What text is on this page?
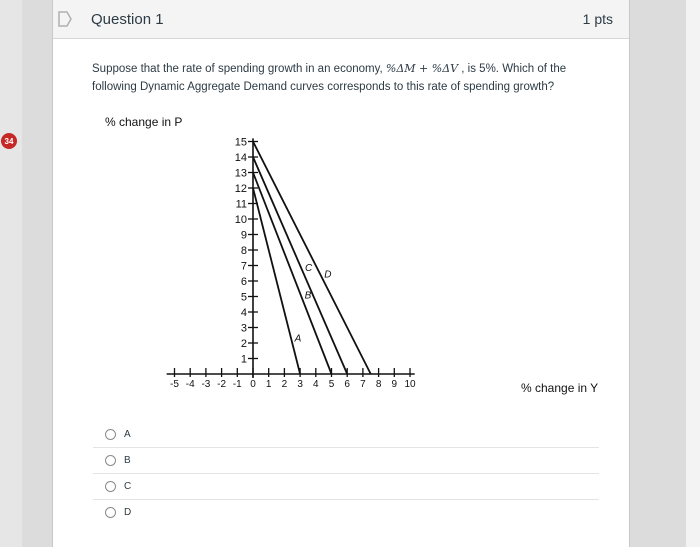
34
Question 1	1 pts
Suppose that the rate of spending growth in an economy, %ΔM + %ΔV , is 5%. Which of the following Dynamic Aggregate Demand curves corresponds to this rate of spending growth?
1
2
3
4
5
6
7
8
9
10
11
12
13
14
15
-5 -4 -3 -2 -1 0 1 2 3 4 5 6 7 8 9 10
A
B
C
D
% change in P
% change in Y
A
B
C
D
